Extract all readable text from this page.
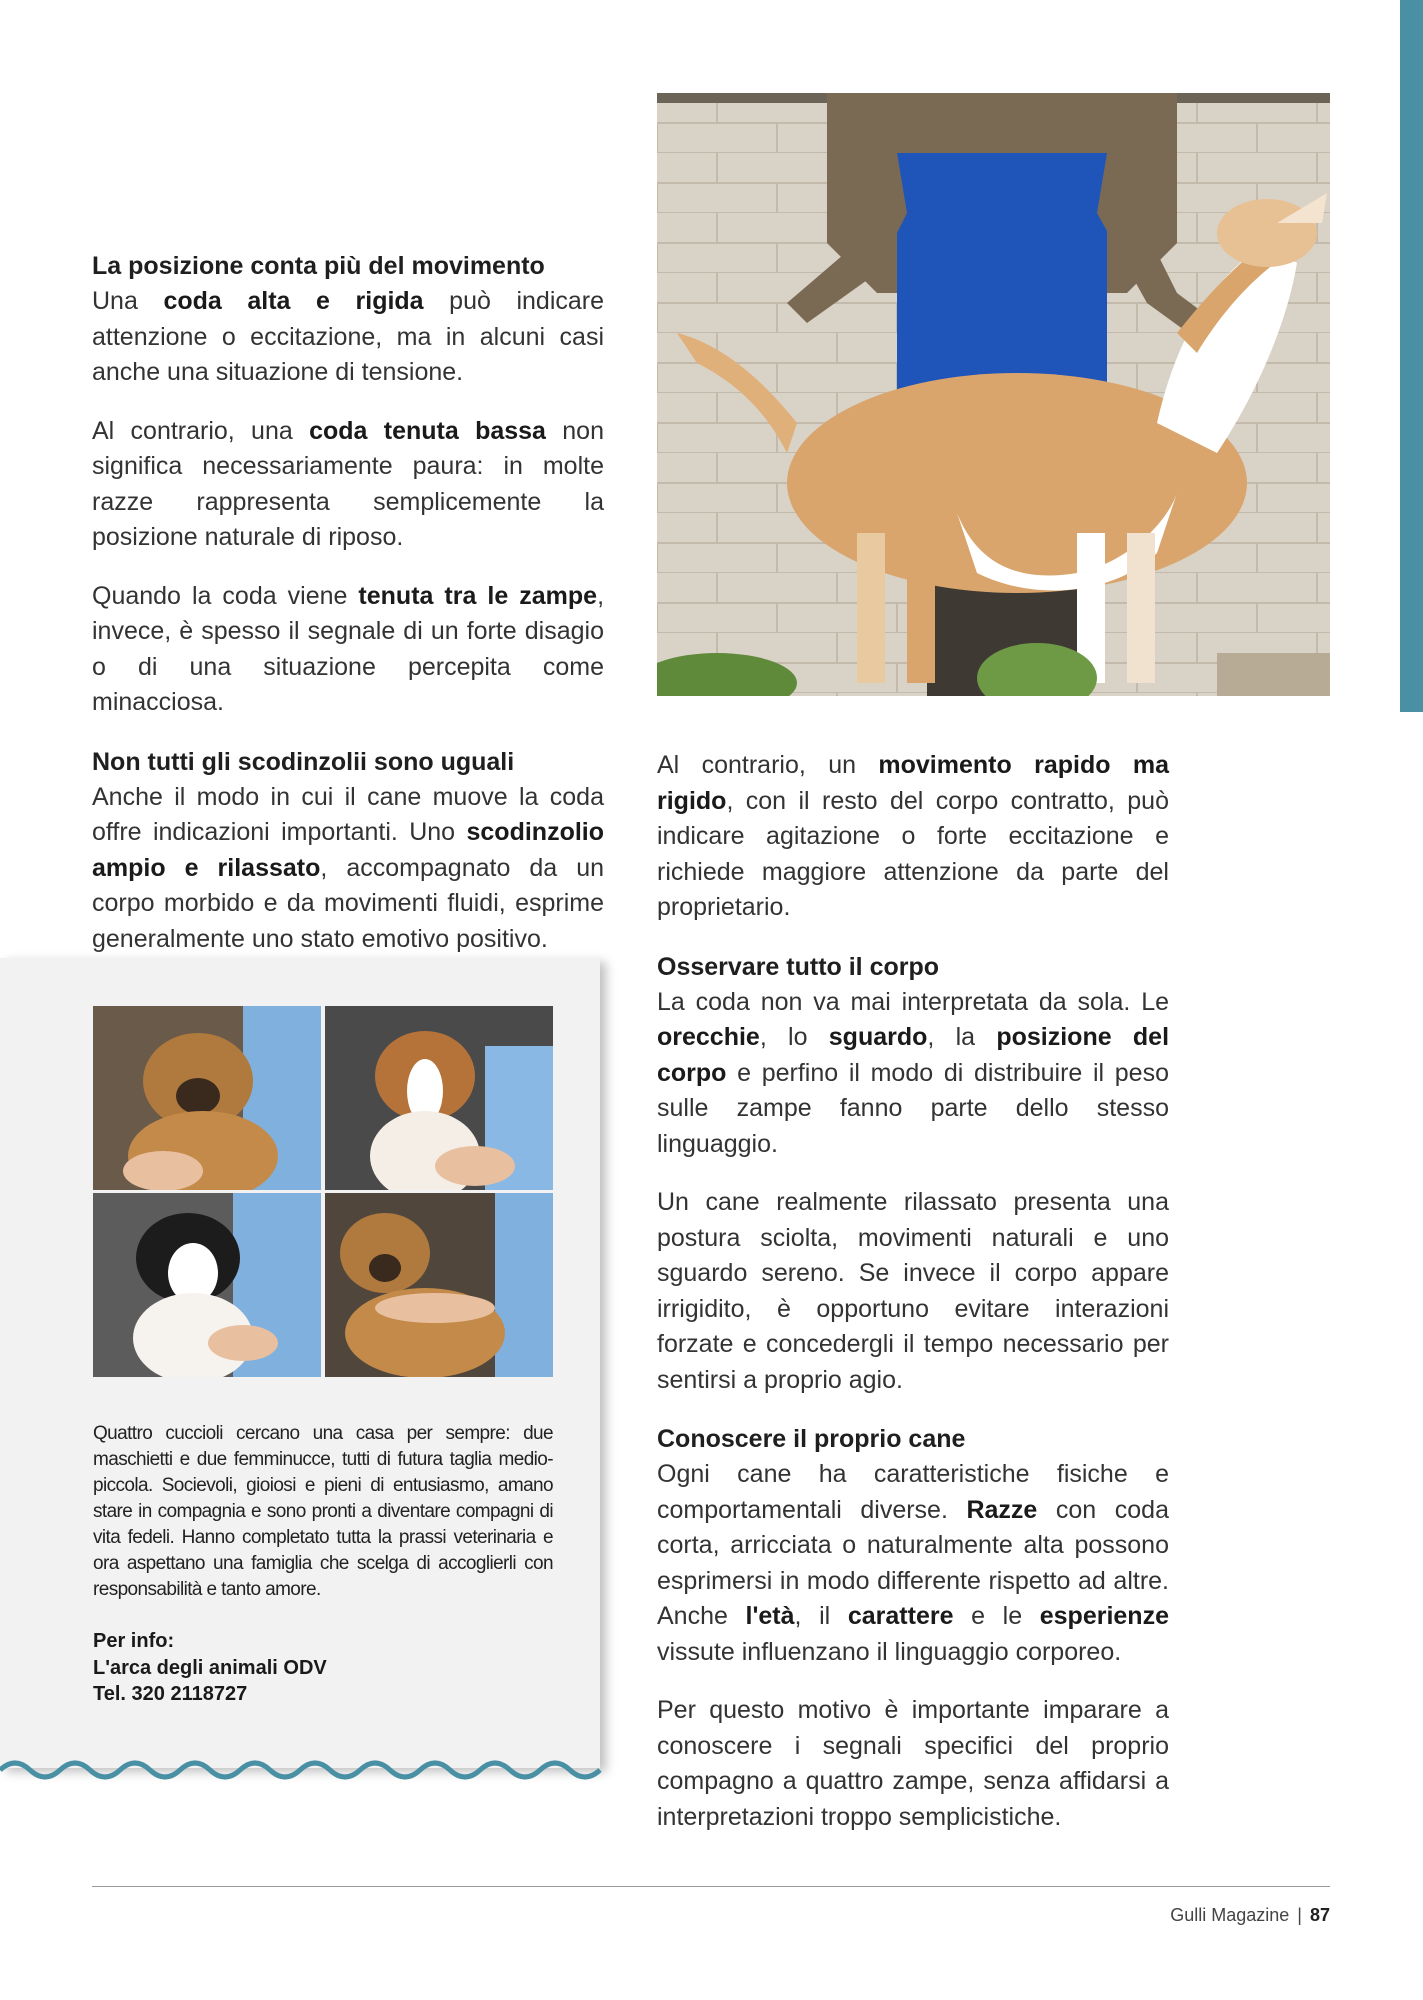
La posizione conta più del movimento

Una coda alta e rigida può indicare attenzione o eccitazione, ma in alcuni casi anche una situazione di tensione.

Al contrario, una coda tenuta bassa non significa necessariamente paura: in molte razze rappresenta semplicemente la posizione naturale di riposo.

Quando la coda viene tenuta tra le zampe, invece, è spesso il segnale di un forte disagio o di una situazione percepita come minacciosa.

Non tutti gli scodinzolii sono uguali

Anche il modo in cui il cane muove la coda offre indicazioni importanti. Uno scodinzolio ampio e rilassato, accompagnato da un corpo morbido e da movimenti fluidi, esprime generalmente uno stato emotivo positivo.

Al contrario, un movimento rapido ma rigido, con il resto del corpo contratto, può indicare agitazione o forte eccitazione e richiede maggiore attenzione da parte del proprietario.

Osservare tutto il corpo

La coda non va mai interpretata da sola. Le orecchie, lo sguardo, la posizione del corpo e perfino il modo di distribuire il peso sulle zampe fanno parte dello stesso linguaggio.

Un cane realmente rilassato presenta una postura sciolta, movimenti naturali e uno sguardo sereno. Se invece il corpo appare irrigidito, è opportuno evitare interazioni forzate e concedergli il tempo necessario per sentirsi a proprio agio.

Conoscere il proprio cane

Ogni cane ha caratteristiche fisiche e comportamentali diverse. Razze con coda corta, arricciata o naturalmente alta possono esprimersi in modo differente rispetto ad altre. Anche l'età, il carattere e le esperienze vissute influenzano il linguaggio corporeo.

Per questo motivo è importante imparare a conoscere i segnali specifici del proprio compagno a quattro zampe, senza affidarsi a interpretazioni troppo semplicistiche.

Quattro cuccioli cercano una casa per sempre: due maschietti e due femminucce, tutti di futura taglia medio-piccola. Socievoli, gioiosi e pieni di entusiasmo, amano stare in compagnia e sono pronti a diventare compagni di vita fedeli. Hanno completato tutta la prassi veterinaria e ora aspettano una famiglia che scelga di accoglierli con responsabilità e tanto amore.

Per info:
L'arca degli animali ODV
Tel. 320 2118727
Gulli Magazine | 87
